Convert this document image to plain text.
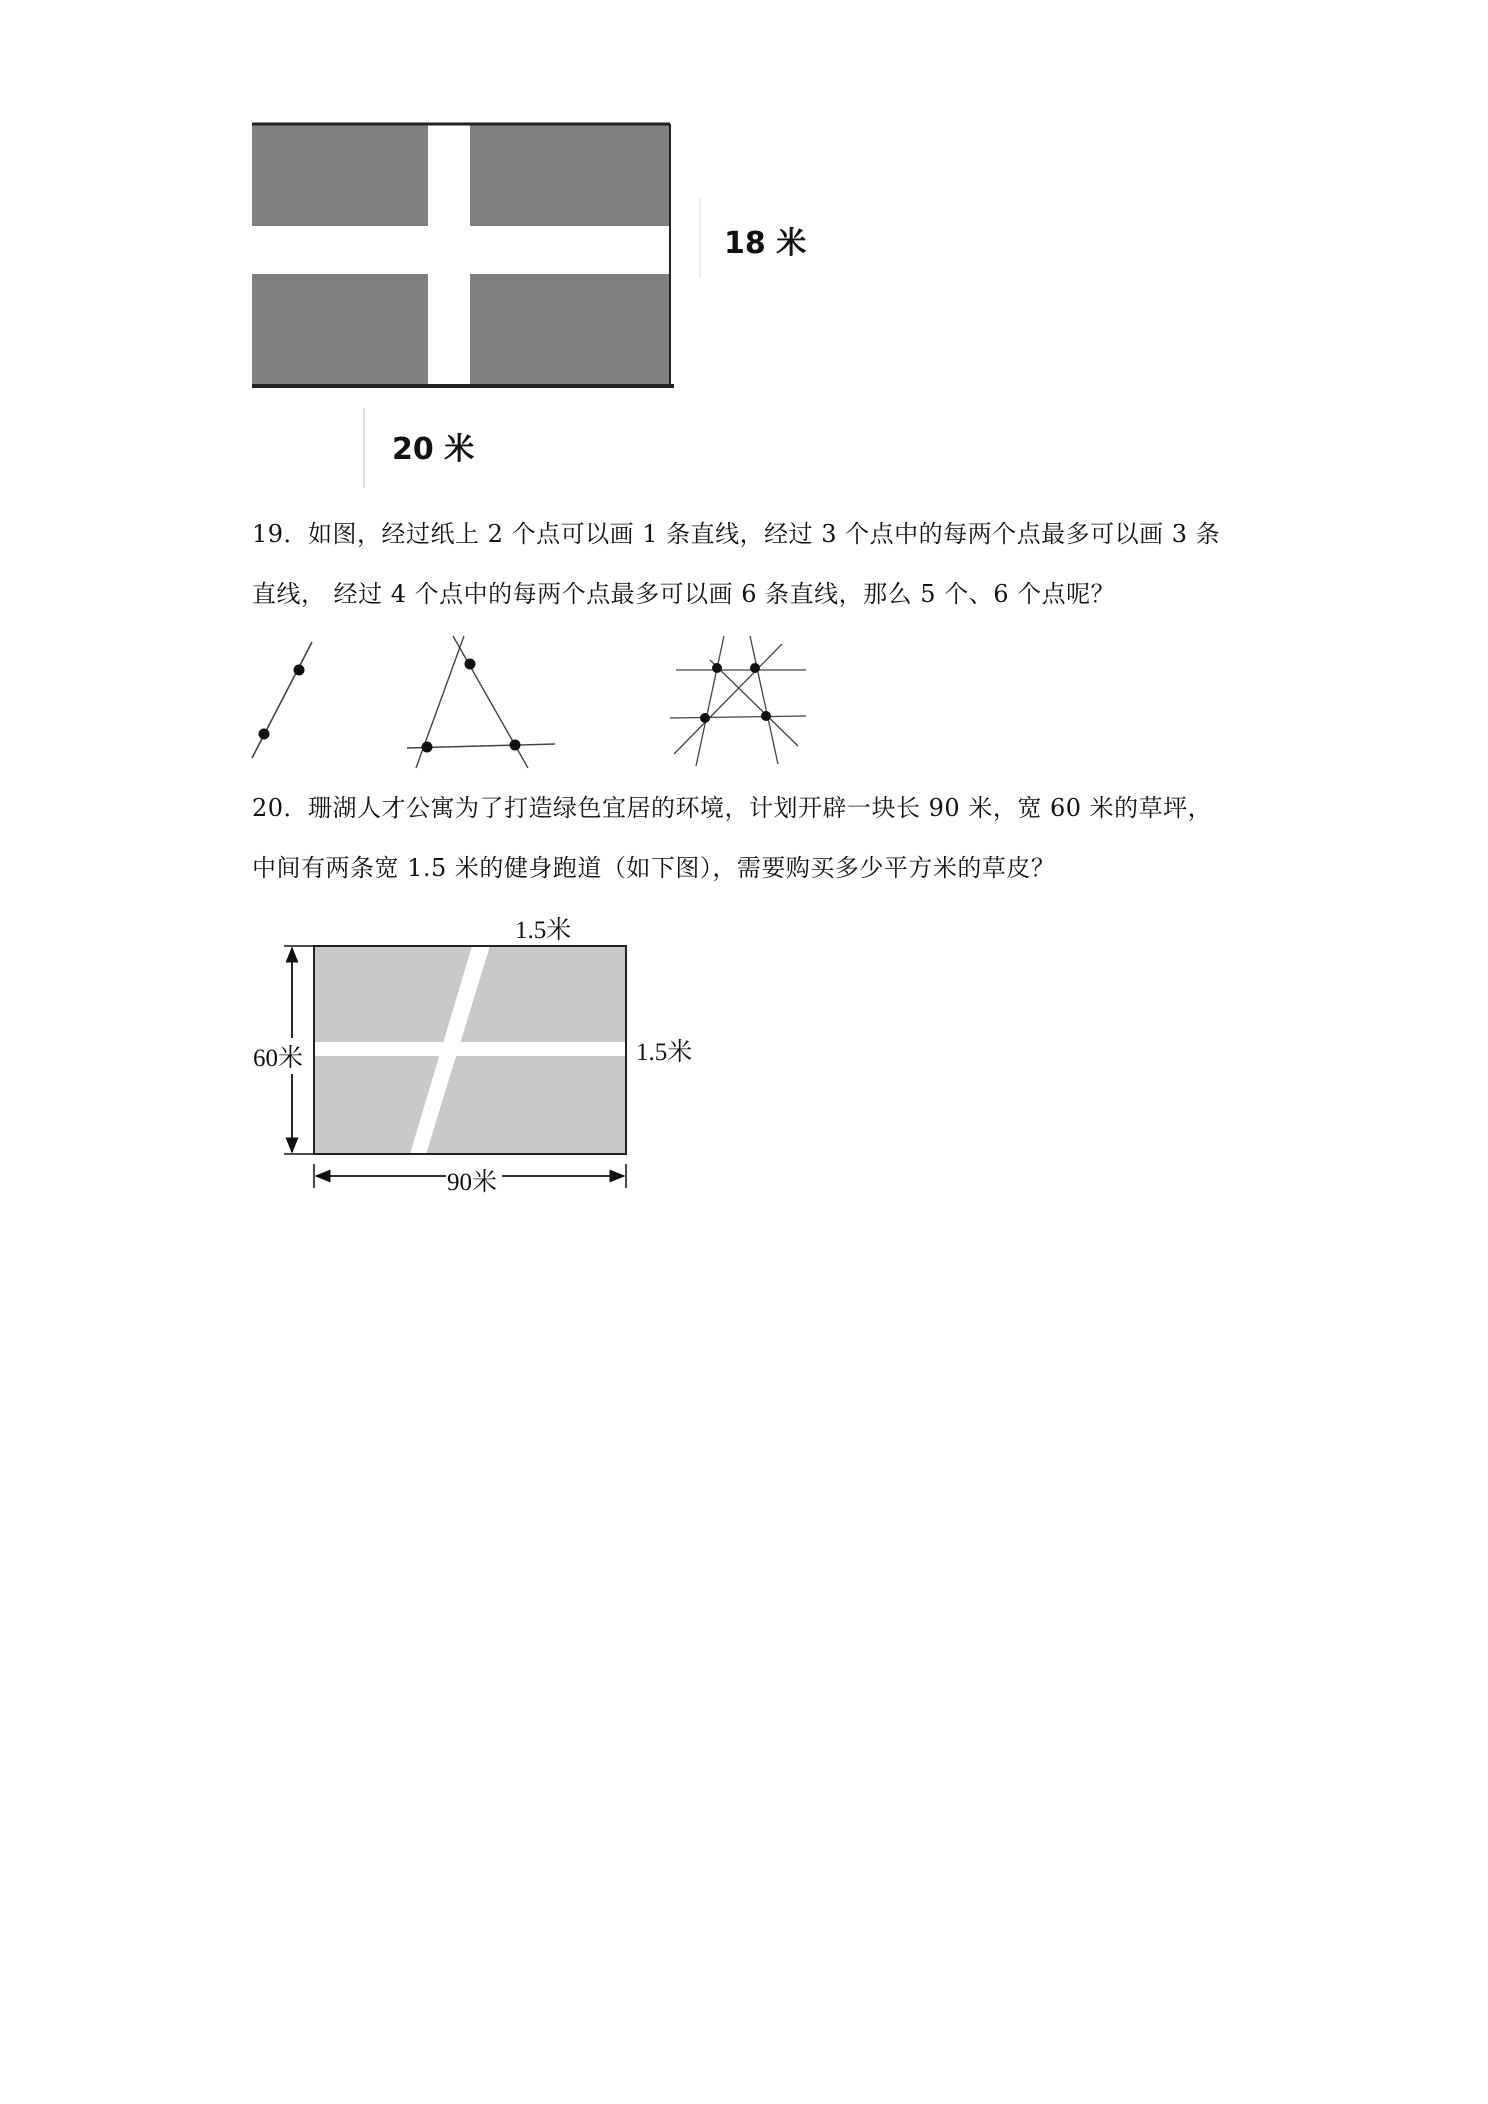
18 米
20 米
19．如图，经过纸上 2 个点可以画 1 条直线，经过 3 个点中的每两个点最多可以画 3 条
直线， 经过 4 个点中的每两个点最多可以画 6 条直线，那么 5 个、6 个点呢？
20．珊湖人才公寓为了打造绿色宜居的环境，计划开辟一块长 90 米，宽 60 米的草坪，
中间有两条宽 1.5 米的健身跑道（如下图），需要购买多少平方米的草皮？
1.5米
1.5米
60米
90米
